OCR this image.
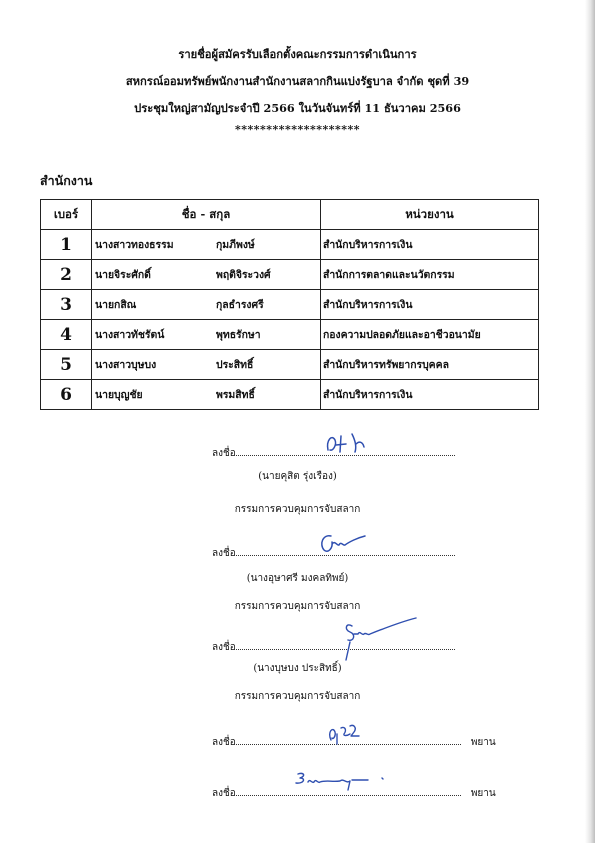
รายชื่อผู้สมัครรับเลือกตั้งคณะกรรมการดำเนินการ
สหกรณ์ออมทรัพย์พนักงานสำนักงานสลากกินแบ่งรัฐบาล จำกัด ชุดที่ 39
ประชุมใหญ่สามัญประจำปี 2566 ในวันจันทร์ที่ 11 ธันวาคม 2566
********************
สำนักงาน
เบอร์	ชื่อ - สกุล	หน่วยงาน
1	นางสาวทองธรรม กุมภีพงษ์	สำนักบริหารการเงิน
2	นายจิระศักดิ์ พฤติจิระวงศ์	สำนักการตลาดและนวัตกรรม
3	นายกสิณ กุลธำรงศรี	สำนักบริหารการเงิน
4	นางสาวทัชรัตน์ พุทธรักษา	กองความปลอดภัยและอาชีวอนามัย
5	นางสาวบุษบง ประสิทธิ์	สำนักบริหารทรัพยากรบุคคล
6	นายบุญชัย พรมสิทธิ์	สำนักบริหารการเงิน
ลงชื่อ
(นายคุสิต รุ่งเรือง)
กรรมการควบคุมการจับสลาก
ลงชื่อ
(นางอุษาศรี มงคลทิพย์)
กรรมการควบคุมการจับสลาก
ลงชื่อ
(นางบุษบง ประสิทธิ์)
กรรมการควบคุมการจับสลาก
ลงชื่อ	พยาน
ลงชื่อ	พยาน
